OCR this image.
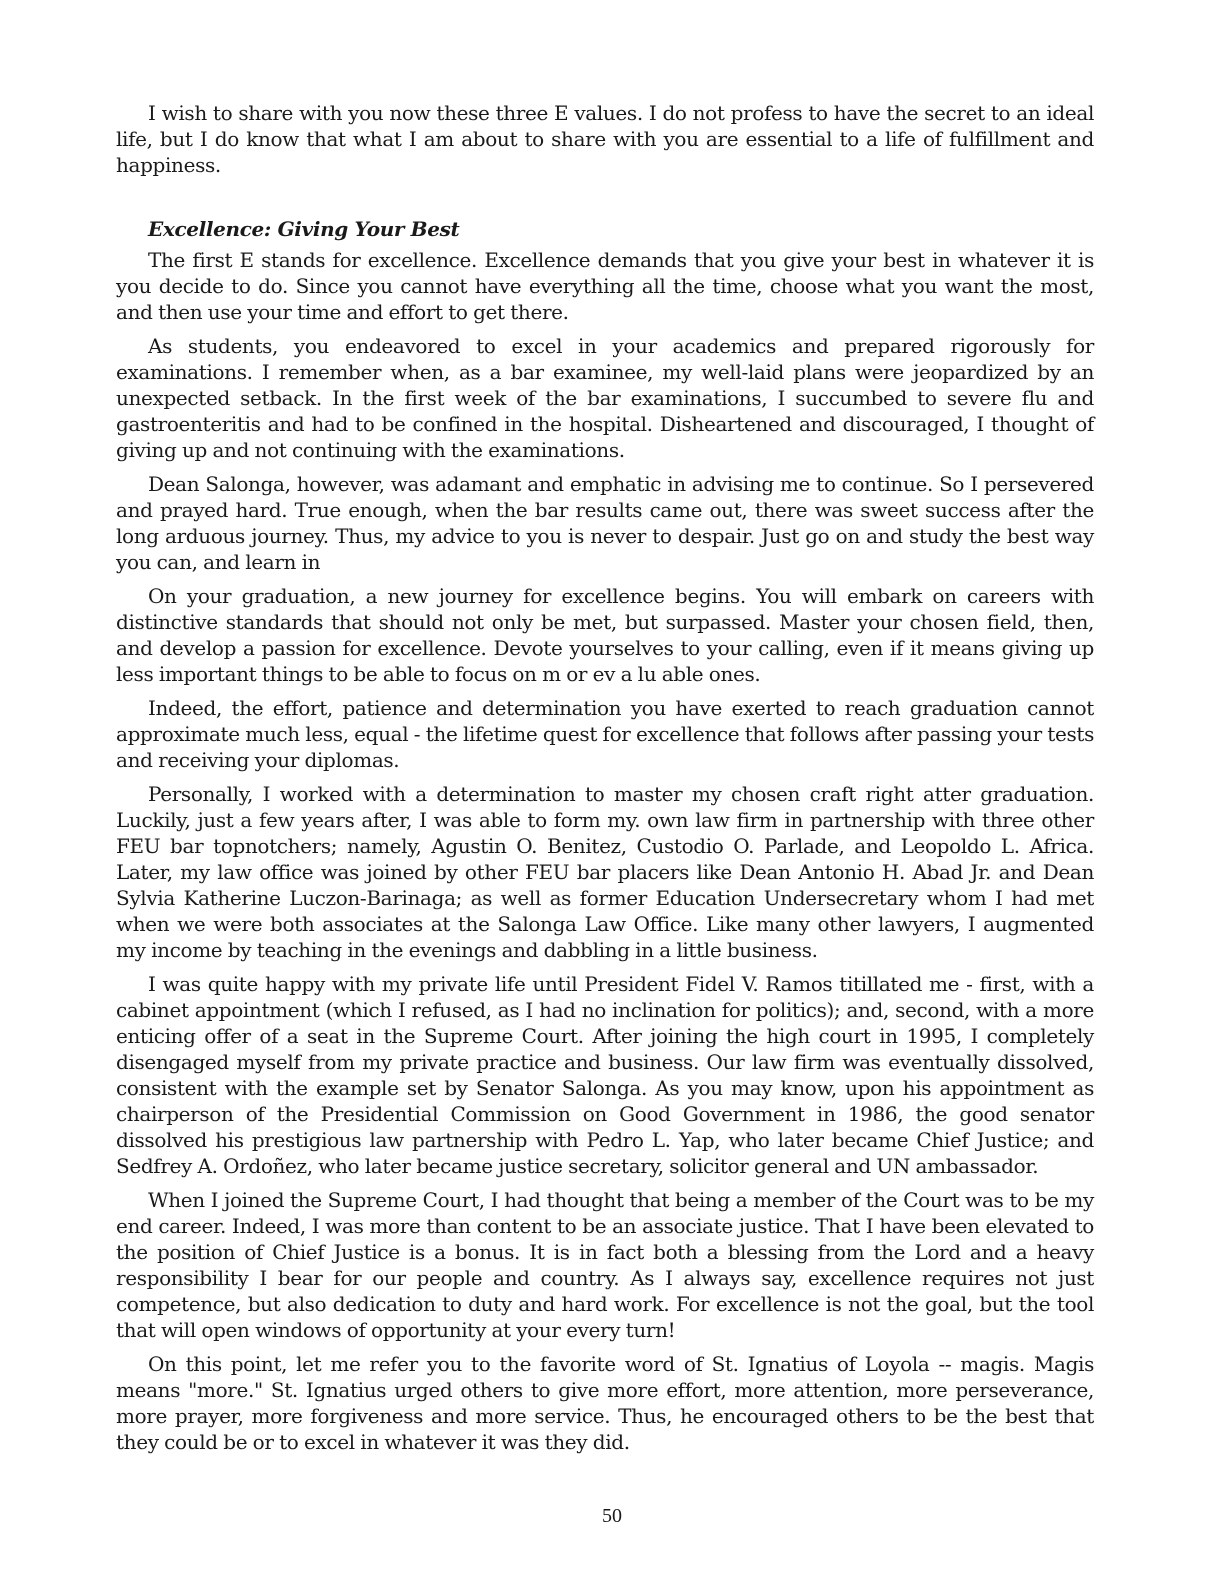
I wish to share with you now these three E values. I do not profess to have the secret to an ideal life, but I do know that what I am about to share with you are essential to a life of fulfillment and happiness.

Excellence: Giving Your Best

The first E stands for excellence. Excellence demands that you give your best in whatever it is you decide to do. Since you cannot have everything all the time, choose what you want the most, and then use your time and effort to get there.

As students, you endeavored to excel in your academics and prepared rigorously for examinations. I remember when, as a bar examinee, my well-laid plans were jeopardized by an unexpected setback. In the first week of the bar examinations, I succumbed to severe flu and gastroenteritis and had to be confined in the hospital. Disheartened and discouraged, I thought of giving up and not continuing with the examinations.

Dean Salonga, however, was adamant and emphatic in advising me to continue. So I persevered and prayed hard. True enough, when the bar results came out, there was sweet success after the long arduous journey. Thus, my advice to you is never to despair. Just go on and study the best way you can, and learn in

On your graduation, a new journey for excellence begins. You will embark on careers with distinctive standards that should not only be met, but surpassed. Master your chosen field, then, and develop a passion for excellence. Devote yourselves to your calling, even if it means giving up less important things to be able to focus on m or ev a lu able ones.

Indeed, the effort, patience and determination you have exerted to reach graduation cannot approximate much less, equal - the lifetime quest for excellence that follows after passing your tests and receiving your diplomas.

Personally, I worked with a determination to master my chosen craft right atter graduation. Luckily, just a few years after, I was able to form my. own law firm in partnership with three other FEU bar topnotchers; namely, Agustin O. Benitez, Custodio O. Parlade, and Leopoldo L. Africa. Later, my law office was joined by other FEU bar placers like Dean Antonio H. Abad Jr. and Dean Sylvia Katherine Luczon-Barinaga; as well as former Education Undersecretary whom I had met when we were both associates at the Salonga Law Office. Like many other lawyers, I augmented my income by teaching in the evenings and dabbling in a little business.

I was quite happy with my private life until President Fidel V. Ramos titillated me - first, with a cabinet appointment (which I refused, as I had no inclination for politics); and, second, with a more enticing offer of a seat in the Supreme Court. After joining the high court in 1995, I completely disengaged myself from my private practice and business. Our law firm was eventually dissolved, consistent with the example set by Senator Salonga. As you may know, upon his appointment as chairperson of the Presidential Commission on Good Government in 1986, the good senator dissolved his prestigious law partnership with Pedro L. Yap, who later became Chief Justice; and Sedfrey A. Ordoñez, who later became justice secretary, solicitor general and UN ambassador.

When I joined the Supreme Court, I had thought that being a member of the Court was to be my end career. Indeed, I was more than content to be an associate justice. That I have been elevated to the position of Chief Justice is a bonus. It is in fact both a blessing from the Lord and a heavy responsibility I bear for our people and country. As I always say, excellence requires not just competence, but also dedication to duty and hard work. For excellence is not the goal, but the tool that will open windows of opportunity at your every turn!

On this point, let me refer you to the favorite word of St. Ignatius of Loyola -- magis. Magis means "more." St. Ignatius urged others to give more effort, more attention, more perseverance, more prayer, more forgiveness and more service. Thus, he encouraged others to be the best that they could be or to excel in whatever it was they did.

50
